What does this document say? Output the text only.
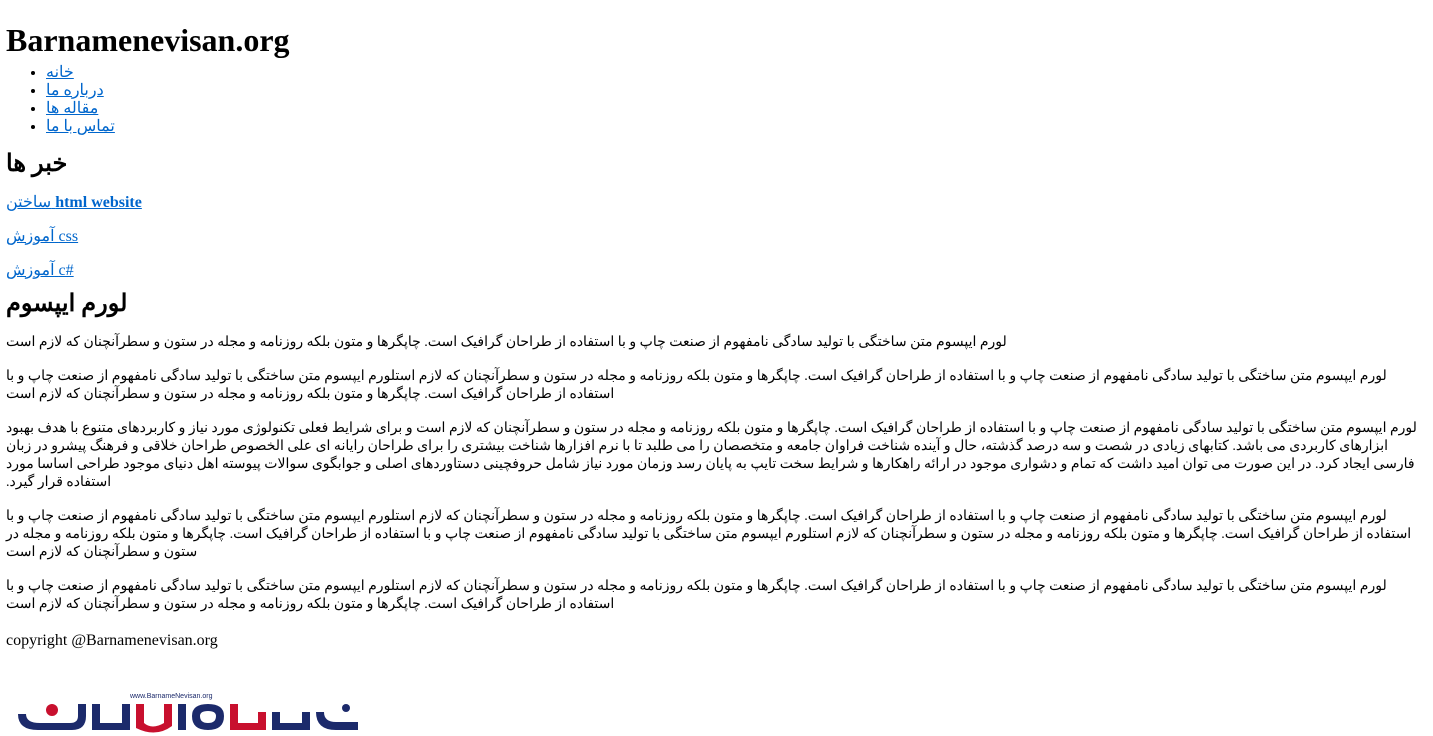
Barnamenevisan.org
• خانه
• درباره ما
• مقاله ها
• تماس با ما
خبر ها
ساختن html website
آموزش css
آموزش c#
لورم ایپسوم

لورم ایپسوم متن ساختگی با تولید سادگی نامفهوم از صنعت چاپ و با استفاده از طراحان گرافیک است. چاپگرها و متون بلکه روزنامه و مجله در ستون و سطرآنچنان که لازم است

لورم ایپسوم متن ساختگی با تولید سادگی نامفهوم از صنعت چاپ و با استفاده از طراحان گرافیک است. چاپگرها و متون بلکه روزنامه و مجله در ستون و سطرآنچنان که لازم استلورم ایپسوم متن ساختگی با تولید سادگی نامفهوم از صنعت چاپ و با استفاده از طراحان گرافیک است. چاپگرها و متون بلکه روزنامه و مجله در ستون و سطرآنچنان که لازم است

لورم ایپسوم متن ساختگی با تولید سادگی نامفهوم از صنعت چاپ و با استفاده از طراحان گرافیک است. چاپگرها و متون بلکه روزنامه و مجله در ستون و سطرآنچنان که لازم است و برای شرایط فعلی تکنولوژی مورد نیاز و کاربردهای متنوع با هدف بهبود ابزارهای کاربردی می باشد. کتابهای زیادی در شصت و سه درصد گذشته، حال و آینده شناخت فراوان جامعه و متخصصان را می طلبد تا با نرم افزارها شناخت بیشتری را برای طراحان رایانه ای علی الخصوص طراحان خلاقی و فرهنگ پیشرو در زبان فارسی ایجاد کرد. در این صورت می توان امید داشت که تمام و دشواری موجود در ارائه راهکارها و شرایط سخت تایپ به پایان رسد وزمان مورد نیاز شامل حروفچینی دستاوردهای اصلی و جوابگوی سوالات پیوسته اهل دنیای موجود طراحی اساسا مورد استفاده قرار گیرد.

لورم ایپسوم متن ساختگی با تولید سادگی نامفهوم از صنعت چاپ و با استفاده از طراحان گرافیک است. چاپگرها و متون بلکه روزنامه و مجله در ستون و سطرآنچنان که لازم استلورم ایپسوم متن ساختگی با تولید سادگی نامفهوم از صنعت چاپ و با استفاده از طراحان گرافیک است. چاپگرها و متون بلکه روزنامه و مجله در ستون و سطرآنچنان که لازم استلورم ایپسوم متن ساختگی با تولید سادگی نامفهوم از صنعت چاپ و با استفاده از طراحان گرافیک است. چاپگرها و متون بلکه روزنامه و مجله در ستون و سطرآنچنان که لازم است

لورم ایپسوم متن ساختگی با تولید سادگی نامفهوم از صنعت چاپ و با استفاده از طراحان گرافیک است. چاپگرها و متون بلکه روزنامه و مجله در ستون و سطرآنچنان که لازم استلورم ایپسوم متن ساختگی با تولید سادگی نامفهوم از صنعت چاپ و با استفاده از طراحان گرافیک است. چاپگرها و متون بلکه روزنامه و مجله در ستون و سطرآنچنان که لازم است

copyright @Barnamenevisan.org

www.BarnameNevisan.org
